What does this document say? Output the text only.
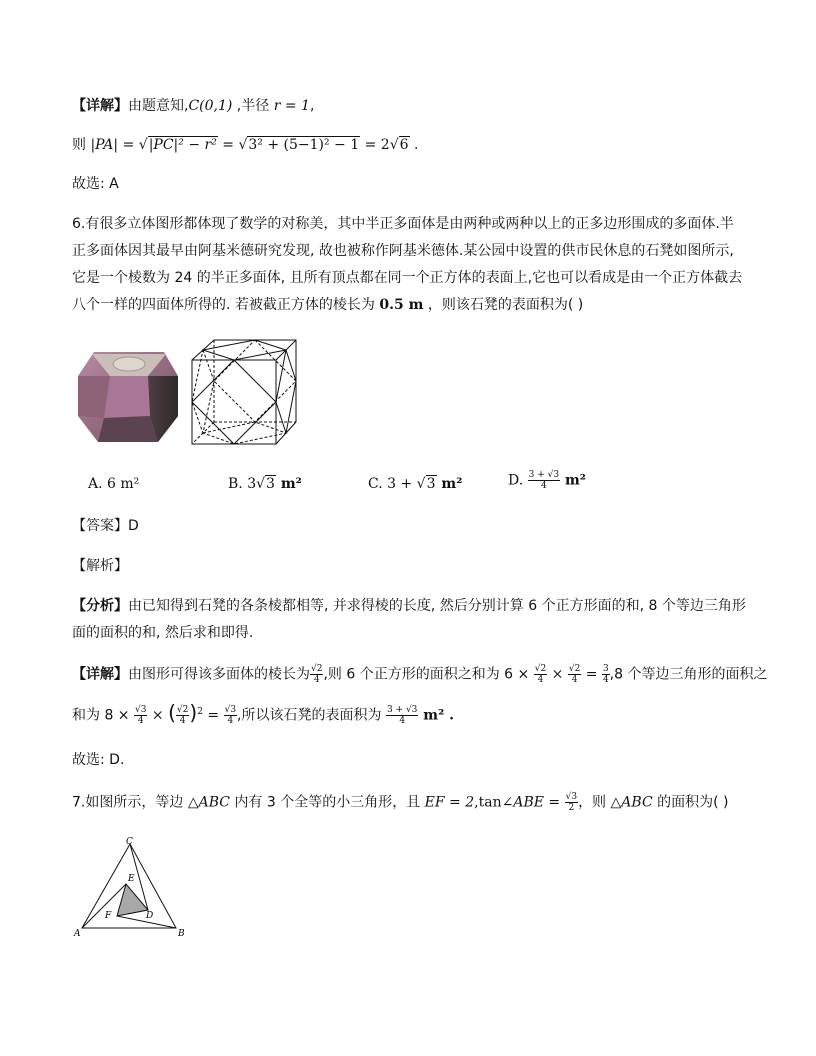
【详解】由题意知,C(0,1) ,半径 r = 1,
则 |PA| = √|PC|² − r² = √3² + (5−1)² − 1 = 2√6 .
故选: A
6.有很多立体图形都体现了数学的对称美，其中半正多面体是由两种或两种以上的正多边形围成的多面体.半
正多面体因其最早由阿基米德研究发现, 故也被称作阿基米德体.某公园中设置的供市民休息的石凳如图所示,
它是一个棱数为 24 的半正多面体, 且所有顶点都在同一个正方体的表面上,它也可以看成是由一个正方体截去
八个一样的四面体所得的. 若被截正方体的棱长为 0.5 m ，则该石凳的表面积为( )
A. 6 m²	B. 3√3 m²	C. 3 + √3 m²	D. $\frac{3 + √3}{4} m^2$
【答案】D
【解析】
【分析】由已知得到石凳的各条棱都相等, 并求得棱的长度, 然后分别计算 6 个正方形面的和, 8 个等边三角形
面的面积的和, 然后求和即得.
【详解】由图形可得该多面体的棱长为 $\frac{√2}{4}$ ,则 6 个正方形的面积之和为 $6 \times \frac{√2}{4} \times \frac{√2}{4} = \frac{3}{4} ,8$ 个等边三角形的面积之
和为 $8 \times \frac{√3}{4}$ × ( $\frac{√2}{4} )^2 = \frac{√3}{4}$ ,所以该石凳的表面积为 $\frac{3 + √3}{4} m^2$ .
故选: D.
7.如图所示，等边 △ABC 内有 3 个全等的小三角形，且 EF = 2,tan∠ABE = $\frac{√3}{2}$ ，则 △ABC 的面积为( )
C
E
F	D
A	B
